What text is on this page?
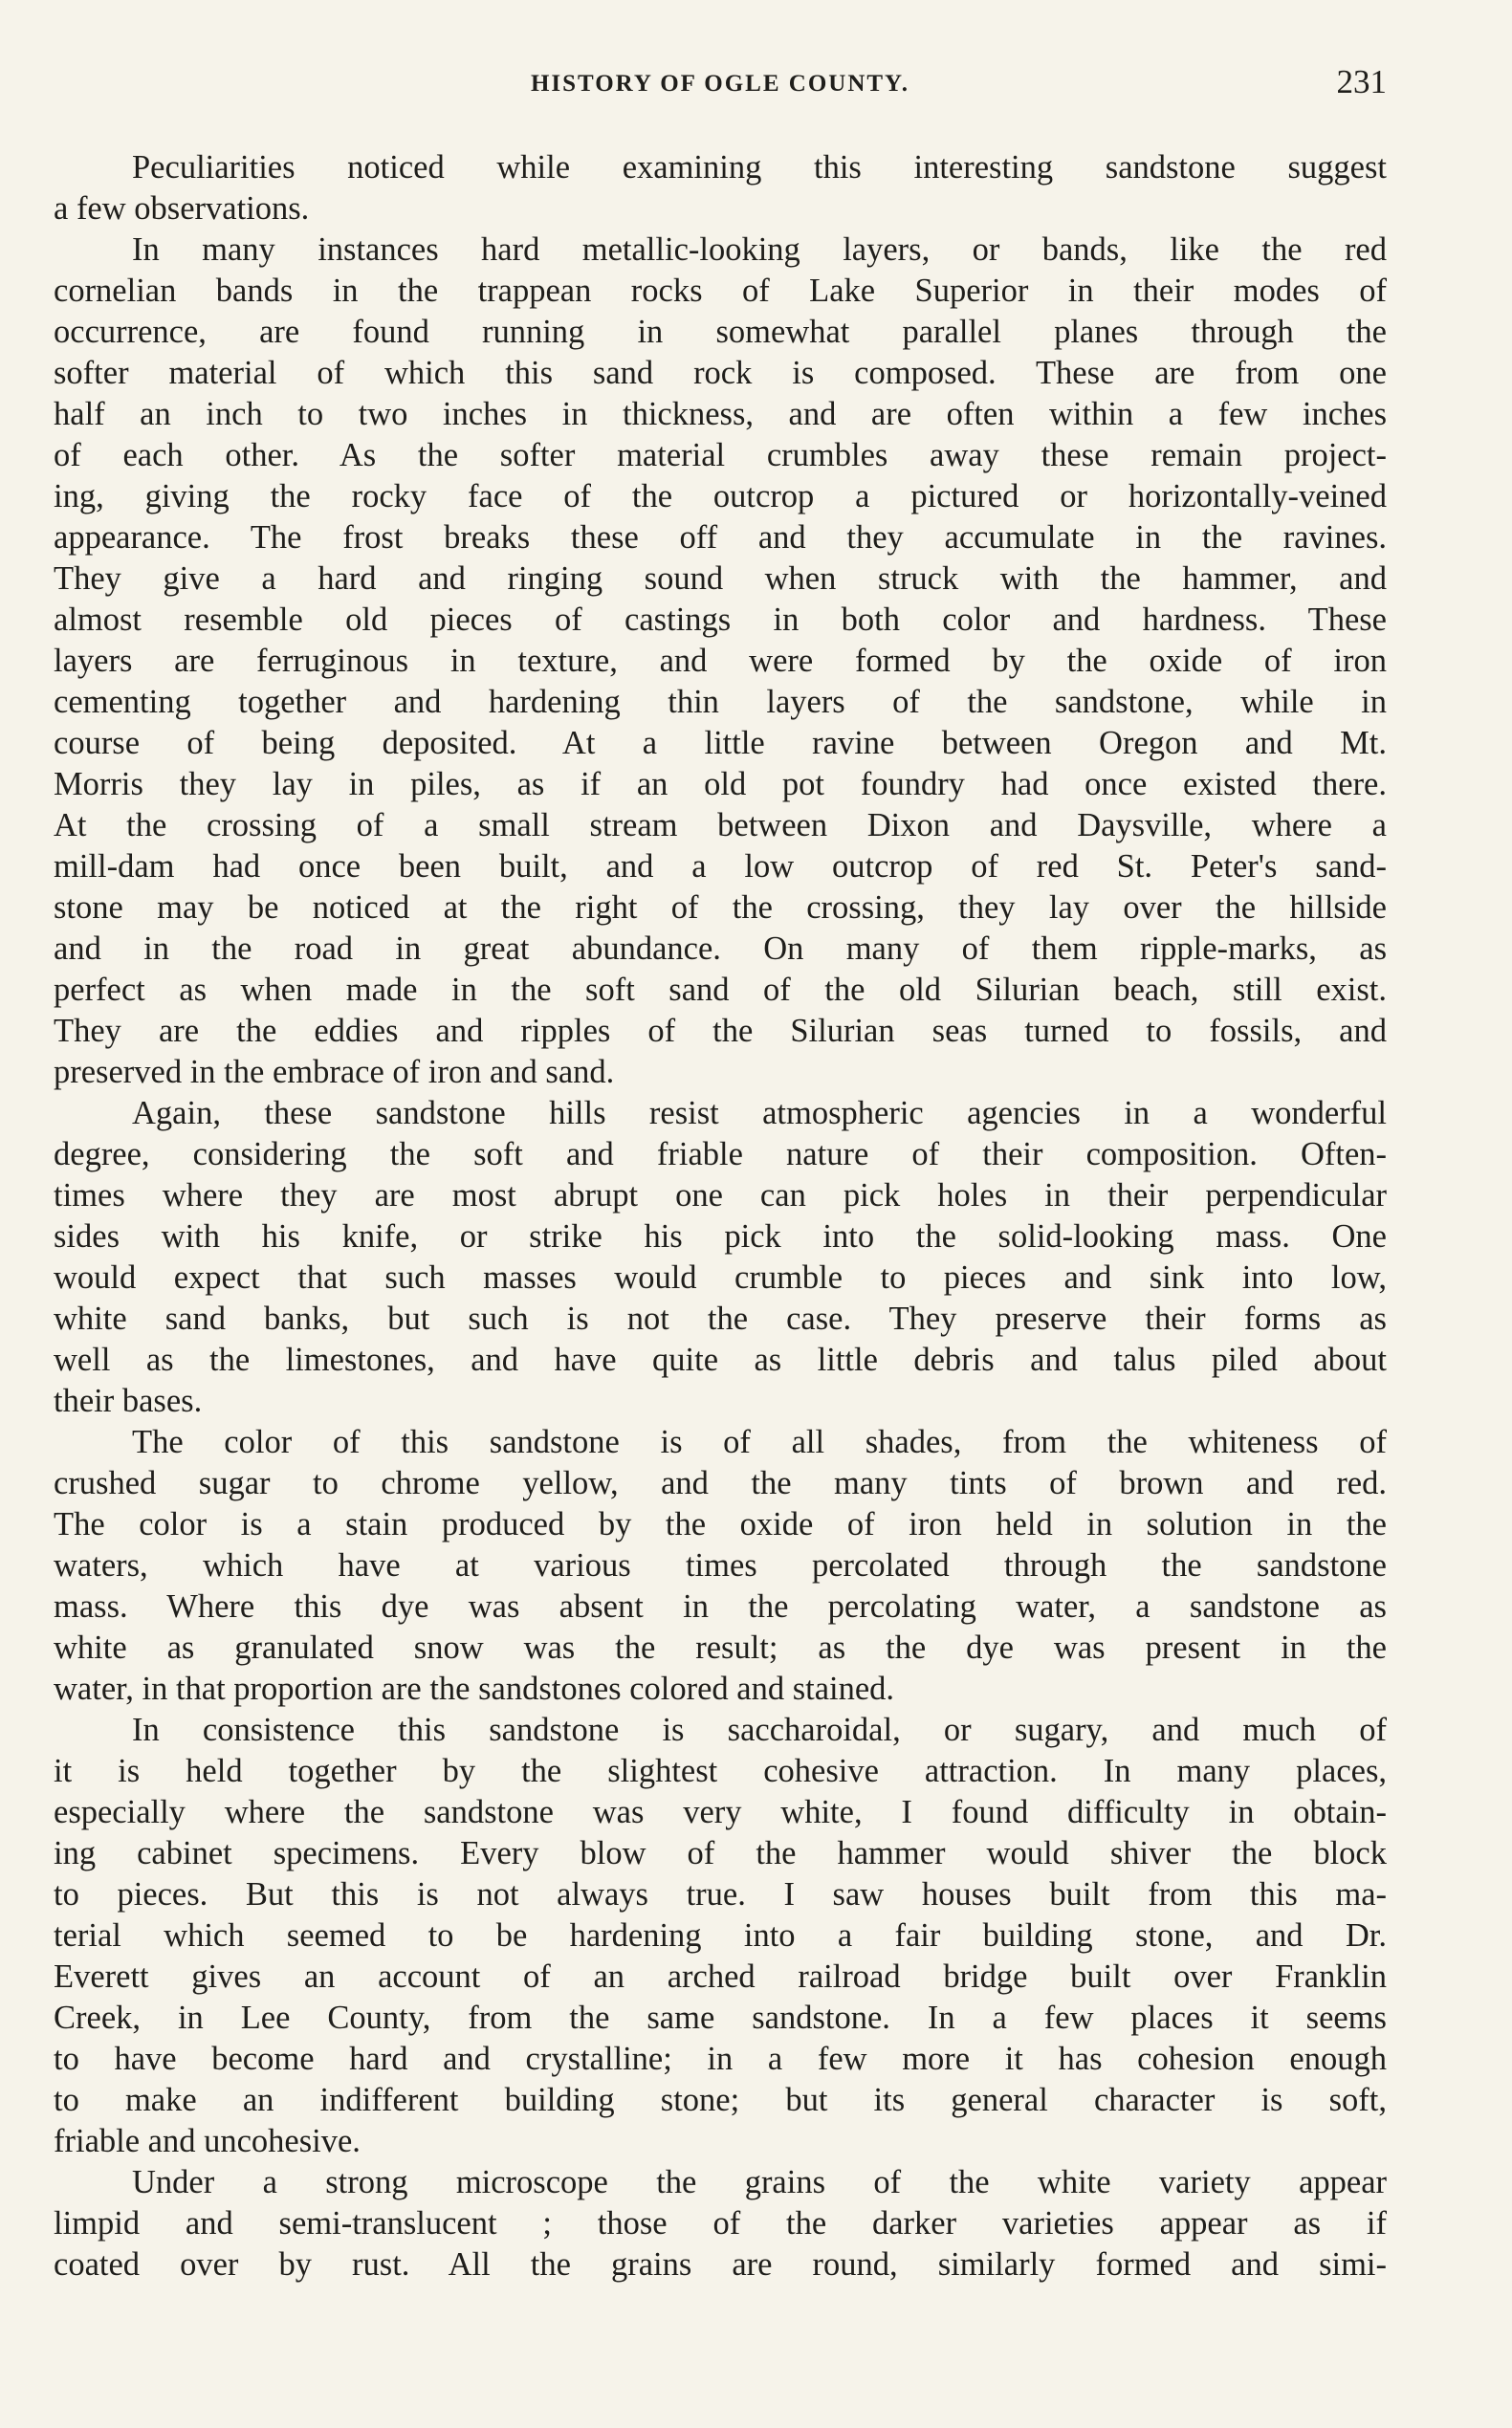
HISTORY OF OGLE COUNTY.	231
Peculiarities noticed while examining this interesting sandstone suggest
a few observations.
In many instances hard metallic-looking layers, or bands, like the red
cornelian bands in the trappean rocks of Lake Superior in their modes of
occurrence, are found running in somewhat parallel planes through the
softer material of which this sand rock is composed. These are from one
half an inch to two inches in thickness, and are often within a few inches
of each other. As the softer material crumbles away these remain project-
ing, giving the rocky face of the outcrop a pictured or horizontally-veined
appearance. The frost breaks these off and they accumulate in the ravines.
They give a hard and ringing sound when struck with the hammer, and
almost resemble old pieces of castings in both color and hardness. These
layers are ferruginous in texture, and were formed by the oxide of iron
cementing together and hardening thin layers of the sandstone, while in
course of being deposited. At a little ravine between Oregon and Mt.
Morris they lay in piles, as if an old pot foundry had once existed there.
At the crossing of a small stream between Dixon and Daysville, where a
mill-dam had once been built, and a low outcrop of red St. Peter's sand-
stone may be noticed at the right of the crossing, they lay over the hillside
and in the road in great abundance. On many of them ripple-marks, as
perfect as when made in the soft sand of the old Silurian beach, still exist.
They are the eddies and ripples of the Silurian seas turned to fossils, and
preserved in the embrace of iron and sand.
Again, these sandstone hills resist atmospheric agencies in a wonderful
degree, considering the soft and friable nature of their composition. Often-
times where they are most abrupt one can pick holes in their perpendicular
sides with his knife, or strike his pick into the solid-looking mass. One
would expect that such masses would crumble to pieces and sink into low,
white sand banks, but such is not the case. They preserve their forms as
well as the limestones, and have quite as little debris and talus piled about
their bases.
The color of this sandstone is of all shades, from the whiteness of
crushed sugar to chrome yellow, and the many tints of brown and red.
The color is a stain produced by the oxide of iron held in solution in the
waters, which have at various times percolated through the sandstone
mass. Where this dye was absent in the percolating water, a sandstone as
white as granulated snow was the result; as the dye was present in the
water, in that proportion are the sandstones colored and stained.
In consistence this sandstone is saccharoidal, or sugary, and much of
it is held together by the slightest cohesive attraction. In many places,
especially where the sandstone was very white, I found difficulty in obtain-
ing cabinet specimens. Every blow of the hammer would shiver the block
to pieces. But this is not always true. I saw houses built from this ma-
terial which seemed to be hardening into a fair building stone, and Dr.
Everett gives an account of an arched railroad bridge built over Franklin
Creek, in Lee County, from the same sandstone. In a few places it seems
to have become hard and crystalline; in a few more it has cohesion enough
to make an indifferent building stone; but its general character is soft,
friable and uncohesive.
Under a strong microscope the grains of the white variety appear
limpid and semi-translucent ; those of the darker varieties appear as if
coated over by rust. All the grains are round, similarly formed and simi-
